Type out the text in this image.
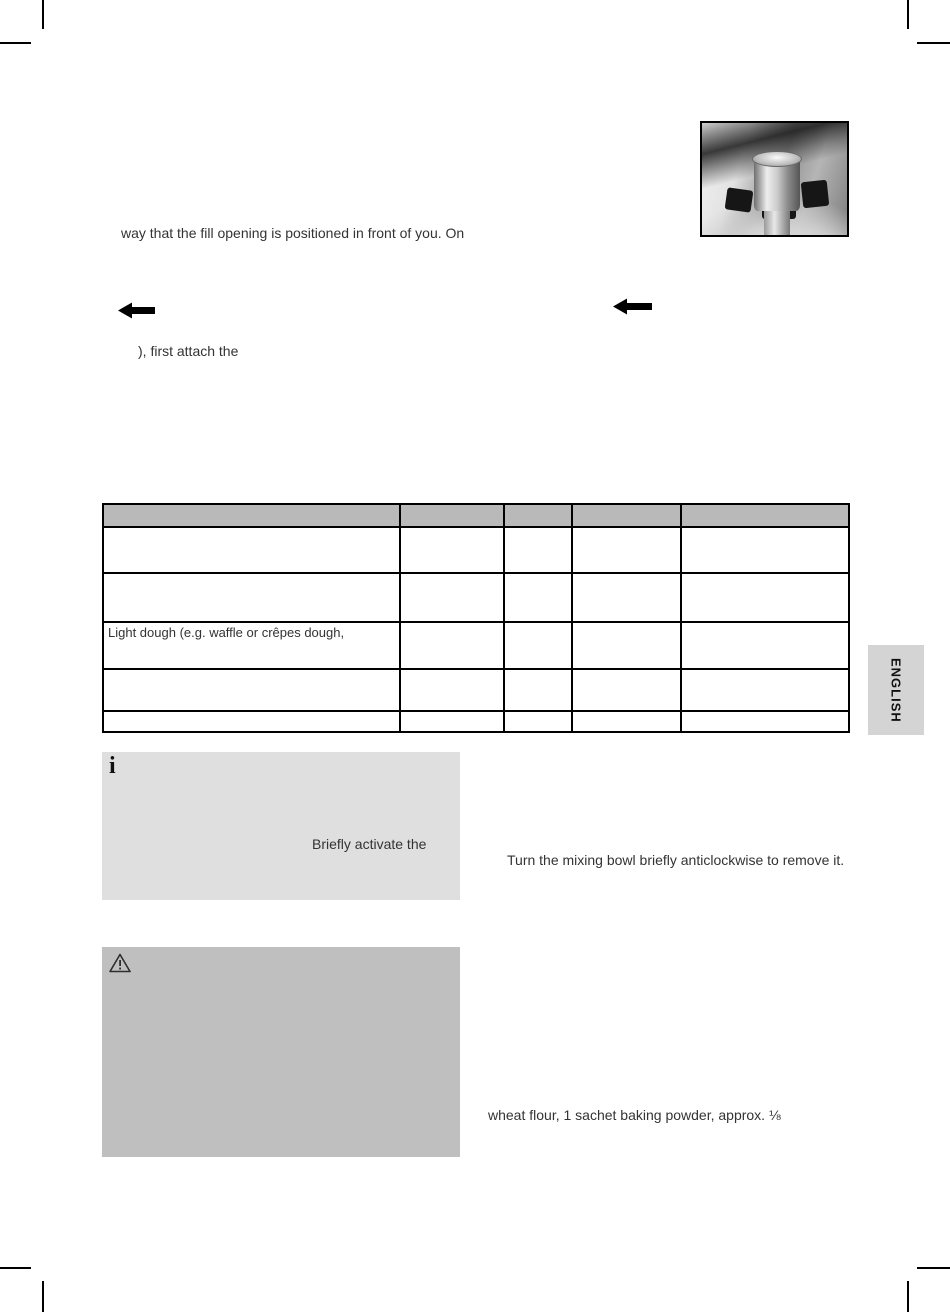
way that the fill opening is positioned in front of you. On
), first attach the

Light dough (e.g. waffle or crêpes dough,				

i
Briefly activate the
Turn the mixing bowl briefly anticlockwise to remove it.
wheat flour, 1 sachet baking powder, approx. ⅛
ENGLISH
